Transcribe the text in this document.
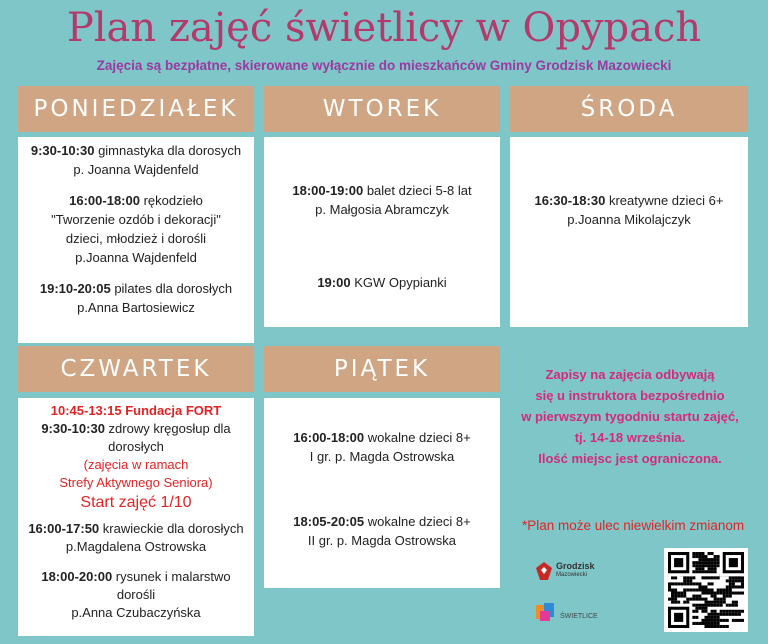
Plan zajęć świetlicy w Opypach
Zajęcia są bezpłatne, skierowane wyłącznie do mieszkańców Gminy Grodzisk Mazowiecki
PONIEDZIAŁEK
9:30-10:30 gimnastyka dla dorosych
p. Joanna Wajdenfeld
16:00-18:00 rękodzieło
"Tworzenie ozdób i dekoracji"
dzieci, młodzież i dorośli
p.Joanna Wajdenfeld
19:10-20:05 pilates dla dorosłych
p.Anna Bartosiewicz
WTOREK
18:00-19:00 balet dzieci 5-8 lat
p. Małgosia Abramczyk
19:00 KGW Opypianki
ŚRODA
16:30-18:30 kreatywne dzieci 6+
p.Joanna Mikolajczyk
CZWARTEK
10:45-13:15 Fundacja FORT
9:30-10:30 zdrowy kręgosłup dla dorosłych
(zajęcia w ramach
Strefy Aktywnego Seniora)
Start zajęć 1/10
16:00-17:50 krawieckie dla dorosłych
p.Magdalena Ostrowska
18:00-20:00 rysunek i malarstwo
dorośli
p.Anna Czubaczyńska
PIĄTEK
16:00-18:00 wokalne dzieci 8+
I gr. p. Magda Ostrowska
18:05-20:05 wokalne dzieci 8+
II gr. p. Magda Ostrowska
Zapisy na zajęcia odbywają
się u instruktora bezpośrednio
w pierwszym tygodniu startu zajęć,
tj. 14-18 września.
Ilość miejsc jest ograniczona.
*Plan może ulec niewielkim zmianom
Grodzisk
Mazowiecki
ŚWIETLICE
